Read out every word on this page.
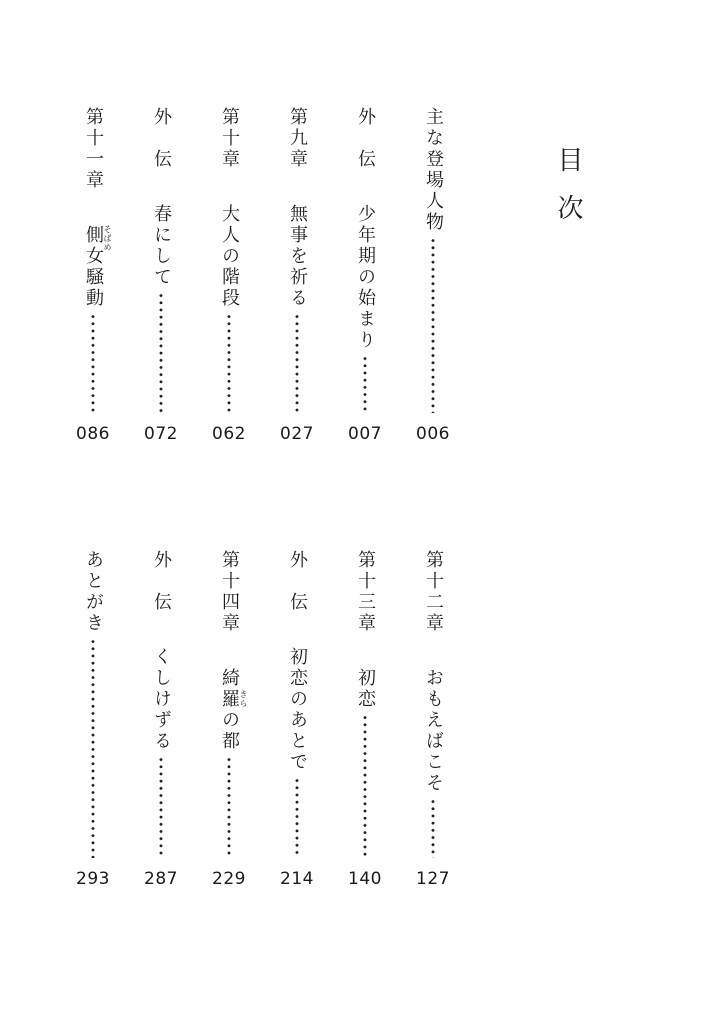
目次
主な登場人物
006
外　伝
少年期の始まり
007
第九章
無事を祈る
027
第十章
大人の階段
062
外　伝
春にして
072
第十一章
側女騒動 そばめ
086
第十二章
おもえばこそ
127
第十三章
初恋
140
外　伝
初恋のあとで
214
第十四章
綺羅の都 きら
229
外　伝
くしけずる
287
あとがき
293
